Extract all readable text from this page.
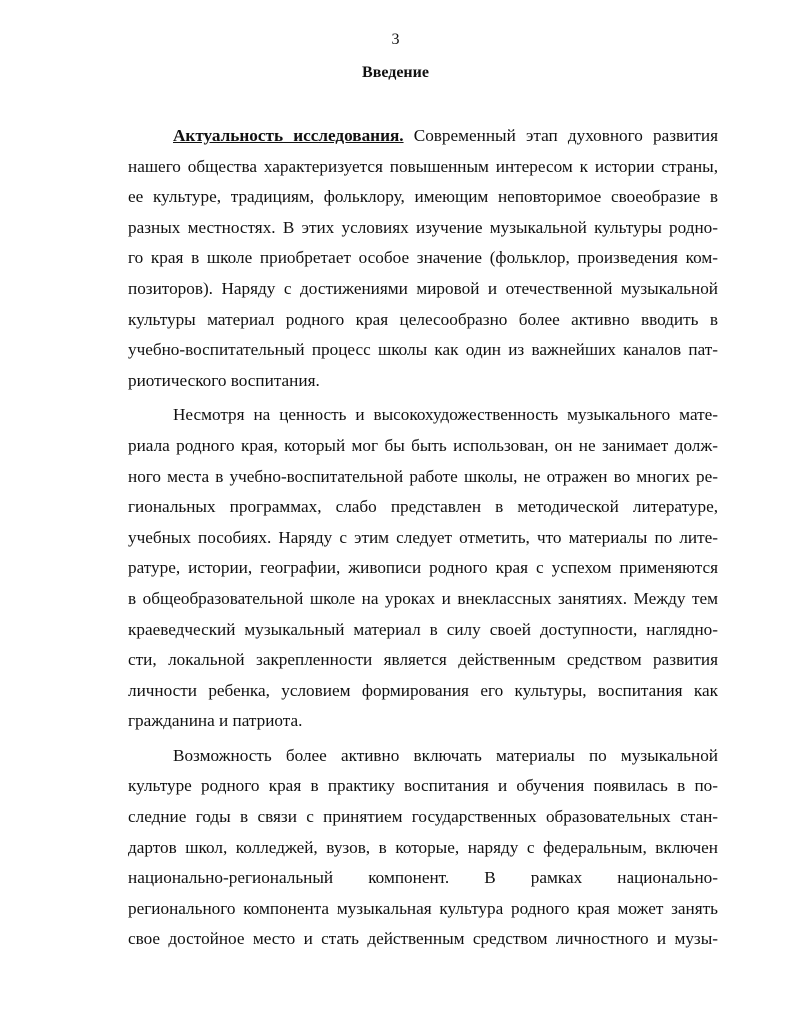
3
Введение
Актуальность исследования. Современный этап духовного развития
нашего общества характеризуется повышенным интересом к истории страны,
ее культуре, традициям, фольклору, имеющим неповторимое своеобразие в
разных местностях. В этих условиях изучение музыкальной культуры родно-
го края в школе приобретает особое значение (фольклор, произведения ком-
позиторов). Наряду с достижениями мировой и отечественной музыкальной
культуры материал родного края целесообразно более активно вводить в
учебно-воспитательный процесс школы как один из важнейших каналов пат-
риотического воспитания.
Несмотря на ценность и высокохудожественность музыкального мате-
риала родного края, который мог бы быть использован, он не занимает долж-
ного места в учебно-воспитательной работе школы, не отражен во многих ре-
гиональных программах, слабо представлен в методической литературе,
учебных пособиях. Наряду с этим следует отметить, что материалы по лите-
ратуре, истории, географии, живописи родного края с успехом применяются
в общеобразовательной школе на уроках и внеклассных занятиях. Между тем
краеведческий музыкальный материал в силу своей доступности, нагляднo-
сти, локальной закрепленности является действенным средством развития
личности ребенка, условием формирования его культуры, воспитания как
гражданина и патриота.
Возможность более активно включать материалы по музыкальной
культуре родного края в практику воспитания и обучения появилась в по-
следние годы в связи с принятием государственных образовательных стан-
дартов школ, колледжей, вузов, в которые, наряду с федеральным, включен
национально-региональный компонент. В рамках национально-
регионального компонента музыкальная культура родного края может занять
свое достойное место и стать действенным средством личностного и музы-
